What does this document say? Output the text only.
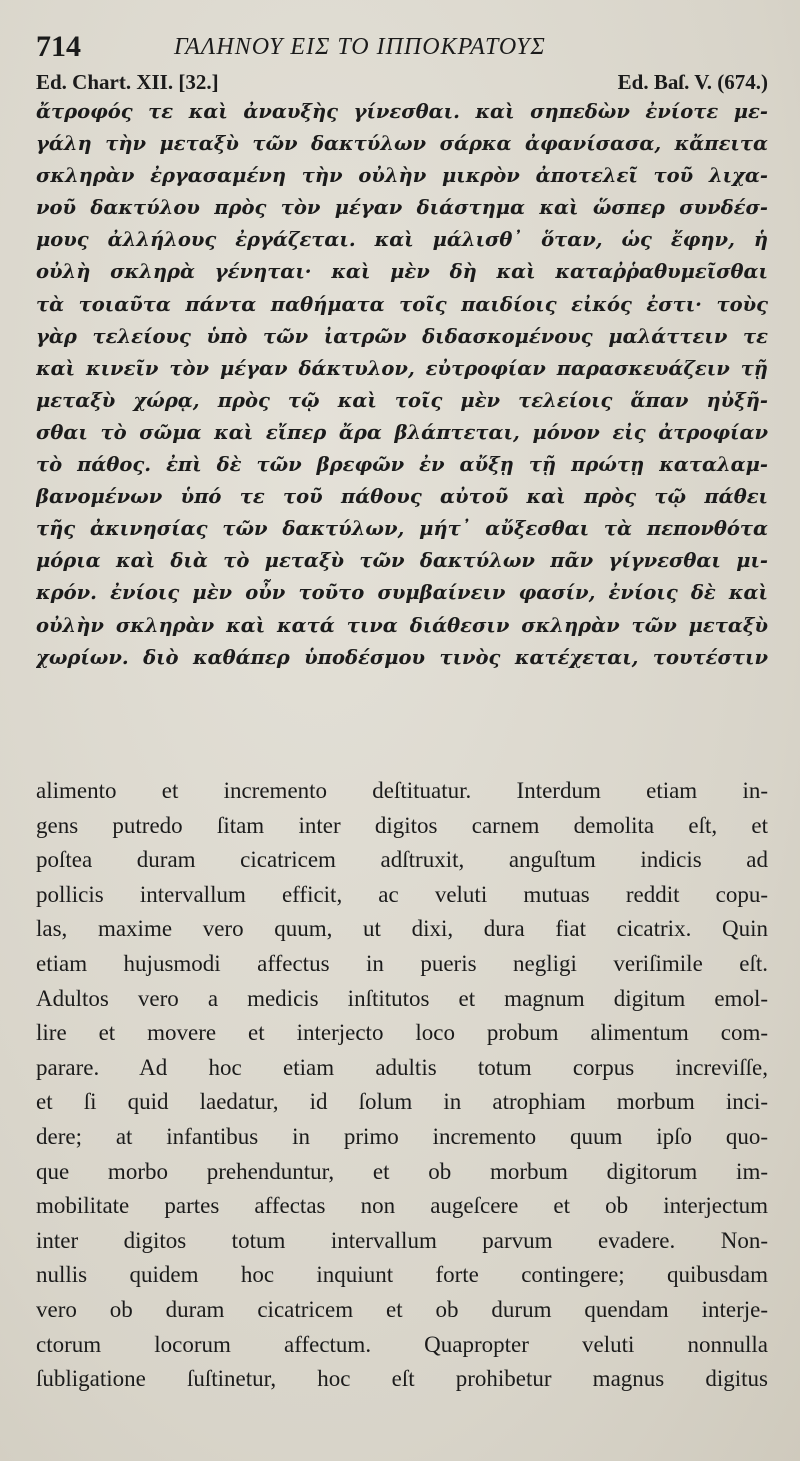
714	ΓΑΛΗΝΟΥ ΕΙΣ ΤΟ ΙΠΠΟΚΡΑΤΟΥΣ
Ed. Chart. XII. [32.]	Ed. Baſ. V. (674.)
ἄτροφός τε καὶ ἀναυξὴς γίνεσθαι. καὶ σηπεδὼν ἐνίοτε με-
γάλη τὴν μεταξὺ τῶν δακτύλων σάρκα ἀφανίσασα, κἄπειτα
σκληρὰν ἐργασαμένη τὴν οὐλὴν μικρὸν ἀποτελεῖ τοῦ λιχα-
νοῦ δακτύλου πρὸς τὸν μέγαν διάστημα καὶ ὥσπερ συνδέσ-
μους ἀλλήλους ἐργάζεται. καὶ μάλισθ᾽ ὅταν, ὡς ἔφην, ἡ
οὐλὴ σκληρὰ γένηται· καὶ μὲν δὴ καὶ καταῤῥαθυμεῖσθαι
τὰ τοιαῦτα πάντα παθήματα τοῖς παιδίοις εἰκός ἐστι· τοὺς
γὰρ τελείους ὑπὸ τῶν ἰατρῶν διδασκομένους μαλάττειν τε
καὶ κινεῖν τὸν μέγαν δάκτυλον, εὐτροφίαν παρασκευάζειν τῇ
μεταξὺ χώρᾳ, πρὸς τῷ καὶ τοῖς μὲν τελείοις ἅπαν ηὐξῆ-
σθαι τὸ σῶμα καὶ εἴπερ ἄρα βλάπτεται, μόνον εἰς ἀτροφίαν
τὸ πάθος. ἐπὶ δὲ τῶν βρεφῶν ἐν αὔξῃ τῇ πρώτῃ καταλαμ-
βανομένων ὑπό τε τοῦ πάθους αὐτοῦ καὶ πρὸς τῷ πάθει
τῆς ἀκινησίας τῶν δακτύλων, μήτ᾽ αὔξεσθαι τὰ πεπονθότα
μόρια καὶ διὰ τὸ μεταξὺ τῶν δακτύλων πᾶν γίγνεσθαι μι-
κρόν. ἐνίοις μὲν οὖν τοῦτο συμβαίνειν φασίν, ἐνίοις δὲ καὶ
οὐλὴν σκληρὰν καὶ κατά τινα διάθεσιν σκληρὰν τῶν μεταξὺ
χωρίων. διὸ καθάπερ ὑποδέσμου τινὸς κατέχεται, τουτέστιν
alimento et incremento deſtituatur. Interdum etiam in-
gens putredo ſitam inter digitos carnem demolita eſt, et
poſtea duram cicatricem adſtruxit, anguſtum indicis ad
pollicis intervallum efficit, ac veluti mutuas reddit copu-
las, maxime vero quum, ut dixi, dura fiat cicatrix. Quin
etiam hujusmodi affectus in pueris negligi veriſimile eſt.
Adultos vero a medicis inſtitutos et magnum digitum emol-
lire et movere et interjecto loco probum alimentum com-
parare. Ad hoc etiam adultis totum corpus increviſſe,
et ſi quid laedatur, id ſolum in atrophiam morbum inci-
dere; at infantibus in primo incremento quum ipſo quo-
que morbo prehenduntur, et ob morbum digitorum im-
mobilitate partes affectas non augeſcere et ob interjectum
inter digitos totum intervallum parvum evadere. Non-
nullis quidem hoc inquiunt forte contingere; quibusdam
vero ob duram cicatricem et ob durum quendam interje-
ctorum locorum affectum. Quapropter veluti nonnulla
ſubligatione ſuſtinetur, hoc eſt prohibetur magnus digitus
